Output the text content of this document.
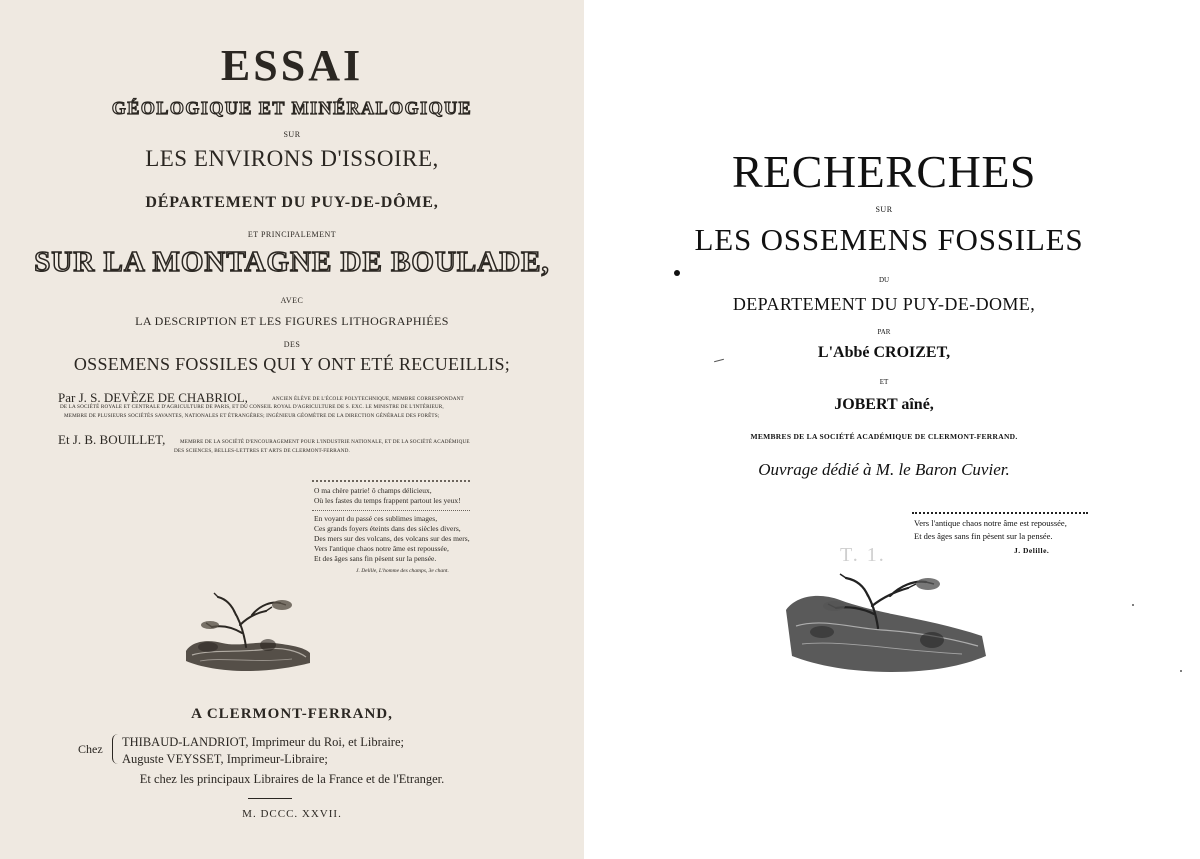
ESSAI
GÉOLOGIQUE ET MINÉRALOGIQUE
SUR
LES ENVIRONS D'ISSOIRE,
DÉPARTEMENT DU PUY-DE-DÔME,
ET PRINCIPALEMENT
SUR LA MONTAGNE DE BOULADE,
AVEC
LA DESCRIPTION ET LES FIGURES LITHOGRAPHIÉES
DES
OSSEMENS FOSSILES QUI Y ONT ETÉ RECUEILLIS;
Par J. S. DEVÈZE DE CHABRIOL,	ANCIEN ÉLÈVE DE L'ÉCOLE POLYTECHNIQUE, MEMBRE CORRESPONDANT
DE LA SOCIÉTÉ ROYALE ET CENTRALE D'AGRICULTURE DE PARIS, ET DU CONSEIL ROYAL D'AGRICULTURE DE S. EXC. LE MINISTRE DE L'INTÉRIEUR,
MEMBRE DE PLUSIEURS SOCIÉTÉS SAVANTES, NATIONALES ET ÉTRANGÈRES; INGÉNIEUR GÉOMÈTRE DE LA DIRECTION GÉNÉRALE DES FORÊTS;
Et J. B. BOUILLET,	MEMBRE DE LA SOCIÉTÉ D'ENCOURAGEMENT POUR L'INDUSTRIE NATIONALE, ET DE LA SOCIÉTÉ ACADÉMIQUE
DES SCIENCES, BELLES-LETTRES ET ARTS DE CLERMONT-FERRAND.
O ma chère patrie! ô champs délicieux,
Où les fastes du temps frappent partout les yeux!
En voyant du passé ces sublimes images,
Ces grands foyers éteints dans des siècles divers,
Des mers sur des volcans, des volcans sur des mers,
Vers l'antique chaos notre âme est repoussée,
Et des âges sans fin pèsent sur la pensée.
J. Delille, L'homme des champs, 3e chant.
A CLERMONT-FERRAND,
Chez THIBAUD-LANDRIOT, Imprimeur du Roi, et Libraire;
Auguste VEYSSET, Imprimeur-Libraire;
Et chez les principaux Libraires de la France et de l'Etranger.
M. DCCC. XXVII.
RECHERCHES
SUR
LES OSSEMENS FOSSILES
DU
DEPARTEMENT DU PUY-DE-DOME,
PAR
L'Abbé CROIZET,
ET
JOBERT aîné,
MEMBRES DE LA SOCIÉTÉ ACADÉMIQUE DE CLERMONT-FERRAND.
Ouvrage dédié à M. le Baron Cuvier.
Vers l'antique chaos notre âme est repoussée,
Et des âges sans fin pèsent sur la pensée.
J. Delille.
T. 1.
